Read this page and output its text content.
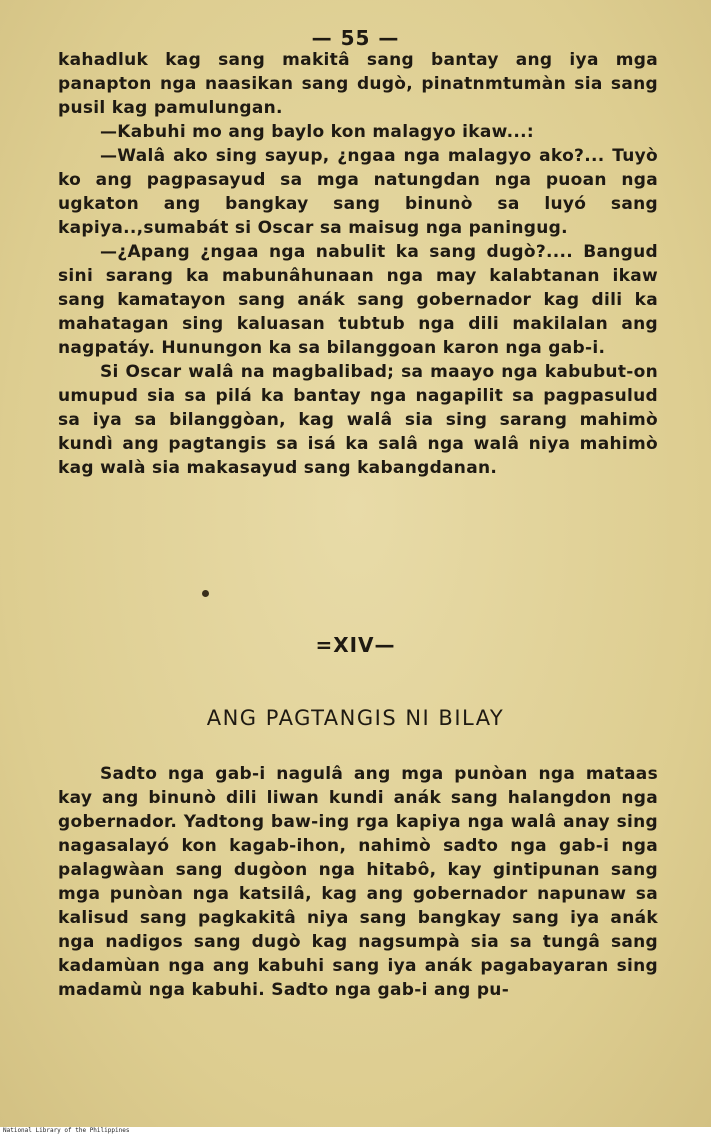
— 55 —

kahadluk kag sang makitâ sang bantay ang iya mga panapton nga naasikan sang dugò, pinatnmtumàn sia sang pusil kag pamulungan.

—Kabuhi mo ang baylo kon malagyo ikaw...:

—Walâ ako sing sayup, ¿ngaa nga malagyo ako?... Tuyò ko ang pagpasayud sa mga natungdan nga puoan nga ugkaton ang bangkay sang binunò sa luyó sang kapiya..,sumabát si Oscar sa maisug nga paningug.

—¿Apang ¿ngaa nga nabulit ka sang dugò?.... Bangud sini sarang ka mabunâhunaan nga may kalabtanan ikaw sang kamatayon sang anák sang gobernador kag dili ka mahatagan sing kaluasan tubtub nga dili makilalan ang nagpatáy. Hunungon ka sa bilanggoan karon nga gab-i.

Si Oscar walâ na magbalibad; sa maayo nga kabubut-on umupud sia sa pilá ka bantay nga nagapilit sa pagpasulud sa iya sa bilanggòan, kag walâ sia sing sarang mahimò kundì ang pagtangis sa isá ka salâ nga walâ niya mahimò kag walà sia makasayud sang kabangdanan.

=XIV—
ANG PAGTANGIS NI BILAY

Sadto nga gab-i nagulâ ang mga punòan nga mataas kay ang binunò dili liwan kundi anák sang halangdon nga gobernador. Yadtong baw-ing rga kapiya nga walâ anay sing nagasalayó kon kagab-ihon, nahimò sadto nga gab-i nga palagwàan sang dugòon nga hitabô, kay gintipunan sang mga punòan nga katsilâ, kag ang gobernador napunaw sa kalisud sang pagkakitâ niya sang bangkay sang iya anák nga nadigos sang dugò kag nagsumpà sia sa tungâ sang kadamùan nga ang kabuhi sang iya anák pagabayaran sing madamù nga kabuhi. Sadto nga gab-i ang pu-

National Library of the Philippines
